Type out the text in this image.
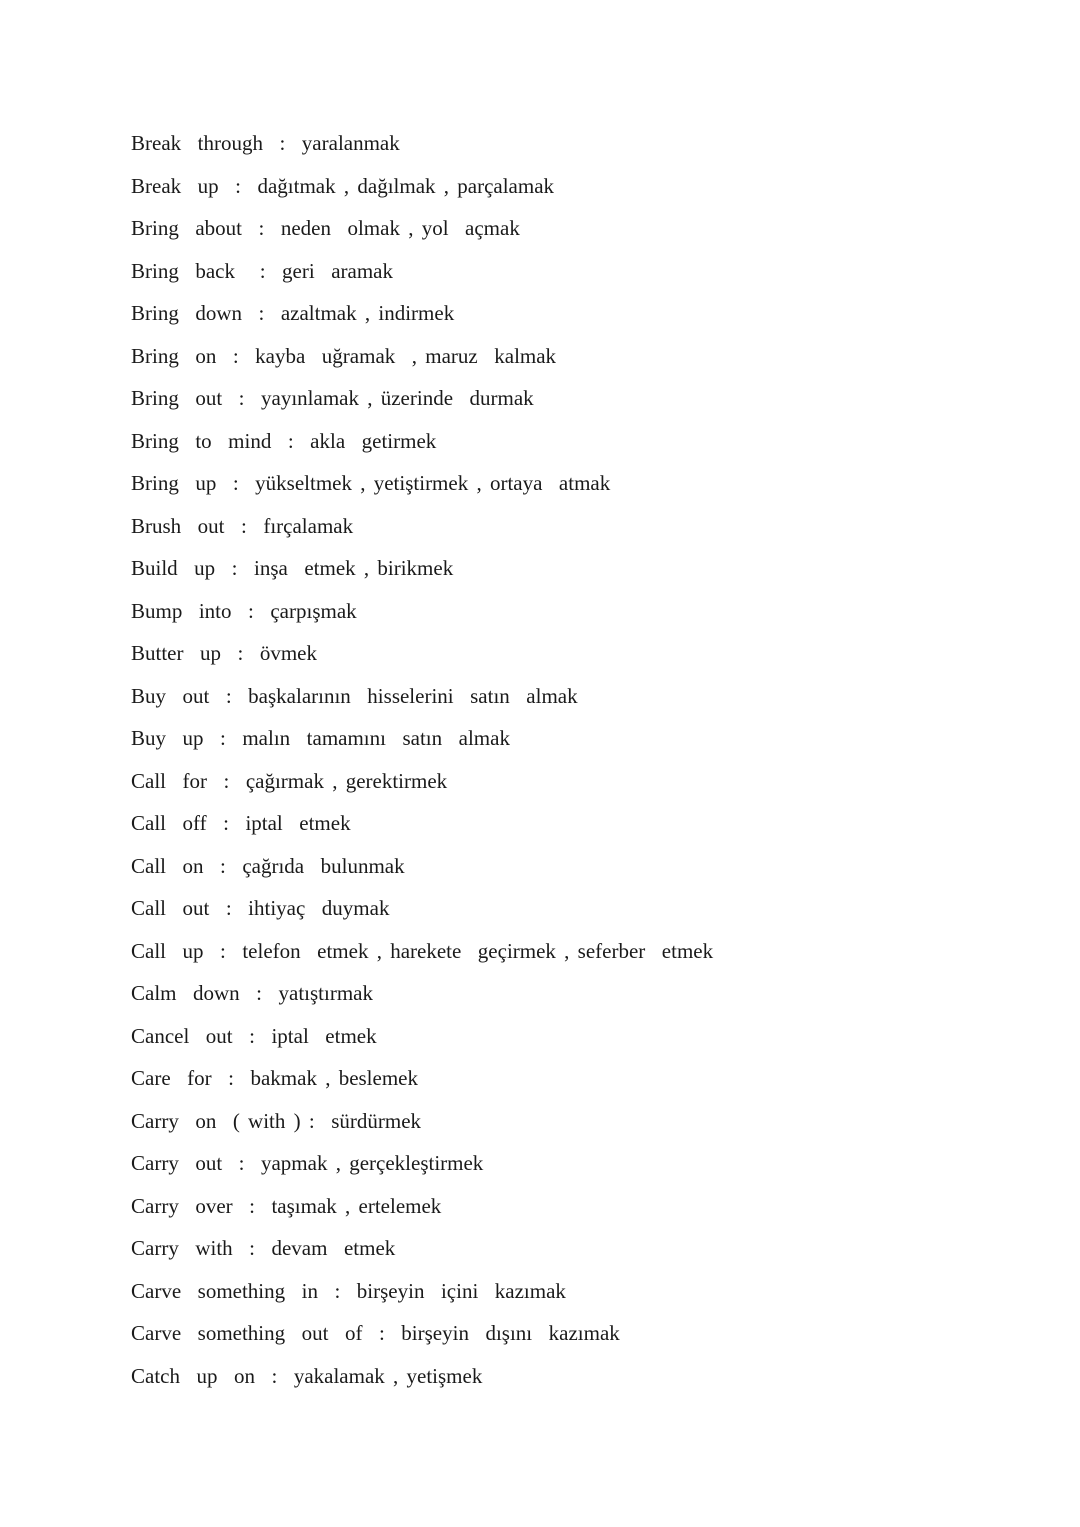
Break  through  :  yaralanmak
Break  up  :  dağıtmak , dağılmak , parçalamak
Bring  about  :  neden  olmak , yol  açmak
Bring  back   :  geri  aramak
Bring  down  :  azaltmak , indirmek
Bring  on  :  kayba  uğramak  , maruz  kalmak
Bring  out  :  yayınlamak , üzerinde  durmak
Bring  to  mind  :  akla  getirmek
Bring  up  :  yükseltmek , yetiştirmek , ortaya  atmak
Brush  out  :  fırçalamak
Build  up  :  inşa  etmek , birikmek
Bump  into  :  çarpışmak
Butter  up  :  övmek
Buy  out  :  başkalarının  hisselerini  satın  almak
Buy  up  :  malın  tamamını  satın  almak
Call  for  :  çağırmak , gerektirmek
Call  off  :  iptal  etmek
Call  on  :  çağrıda  bulunmak
Call  out  :  ihtiyaç  duymak
Call  up  :  telefon  etmek , harekete  geçirmek , seferber  etmek
Calm  down  :  yatıştırmak
Cancel  out  :  iptal  etmek
Care  for  :  bakmak , beslemek
Carry  on  ( with ) :  sürdürmek
Carry  out  :  yapmak , gerçekleştirmek
Carry  over  :  taşımak , ertelemek
Carry  with  :  devam  etmek
Carve  something  in  :  birşeyin  içini  kazımak
Carve  something  out  of  :  birşeyin  dışını  kazımak
Catch  up  on  :  yakalamak , yetişmek
